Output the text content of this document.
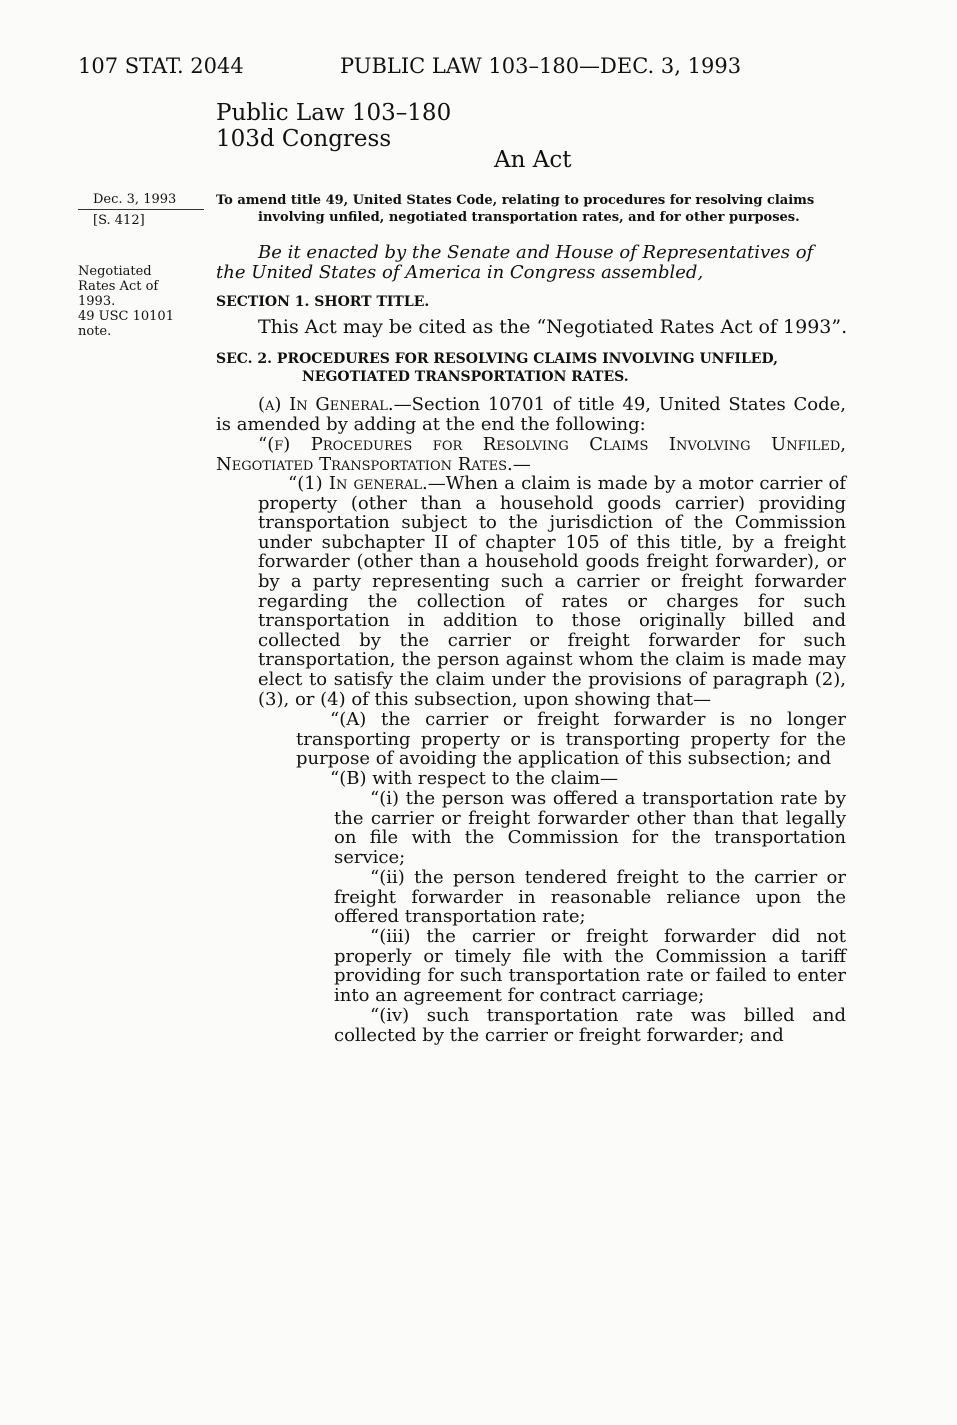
107 STAT. 2044	PUBLIC LAW 103–180—DEC. 3, 1993
Public Law 103–180
103d Congress
An Act
Dec. 3, 1993
[S. 412]
Negotiated
Rates Act of
1993.
49 USC 10101
note.
To amend title 49, United States Code, relating to procedures for resolving claims
involving unfiled, negotiated transportation rates, and for other purposes.
Be it enacted by the Senate and House of Representatives of
the United States of America in Congress assembled,
SECTION 1. SHORT TITLE.
This Act may be cited as the “Negotiated Rates Act of 1993”.
SEC. 2. PROCEDURES FOR RESOLVING CLAIMS INVOLVING UNFILED,
NEGOTIATED TRANSPORTATION RATES.
(a) In General.—Section 10701 of title 49, United States Code, is amended by adding at the end the following:
“(f) Procedures for Resolving Claims Involving Unfiled,
Negotiated Transportation Rates.—
“(1) In general.—When a claim is made by a motor carrier of property (other than a household goods carrier) providing transportation subject to the jurisdiction of the Commission under subchapter II of chapter 105 of this title, by a freight forwarder (other than a household goods freight forwarder), or by a party representing such a carrier or freight forwarder regarding the collection of rates or charges for such transportation in addition to those originally billed and collected by the carrier or freight forwarder for such transportation, the person against whom the claim is made may elect to satisfy the claim under the provisions of paragraph (2), (3), or (4) of this subsection, upon showing that—
“(A) the carrier or freight forwarder is no longer transporting property or is transporting property for the purpose of avoiding the application of this subsection; and
“(B) with respect to the claim—
“(i) the person was offered a transportation rate by the carrier or freight forwarder other than that legally on file with the Commission for the transportation service;
“(ii) the person tendered freight to the carrier or freight forwarder in reasonable reliance upon the offered transportation rate;
“(iii) the carrier or freight forwarder did not properly or timely file with the Commission a tariff providing for such transportation rate or failed to enter into an agreement for contract carriage;
“(iv) such transportation rate was billed and collected by the carrier or freight forwarder; and
